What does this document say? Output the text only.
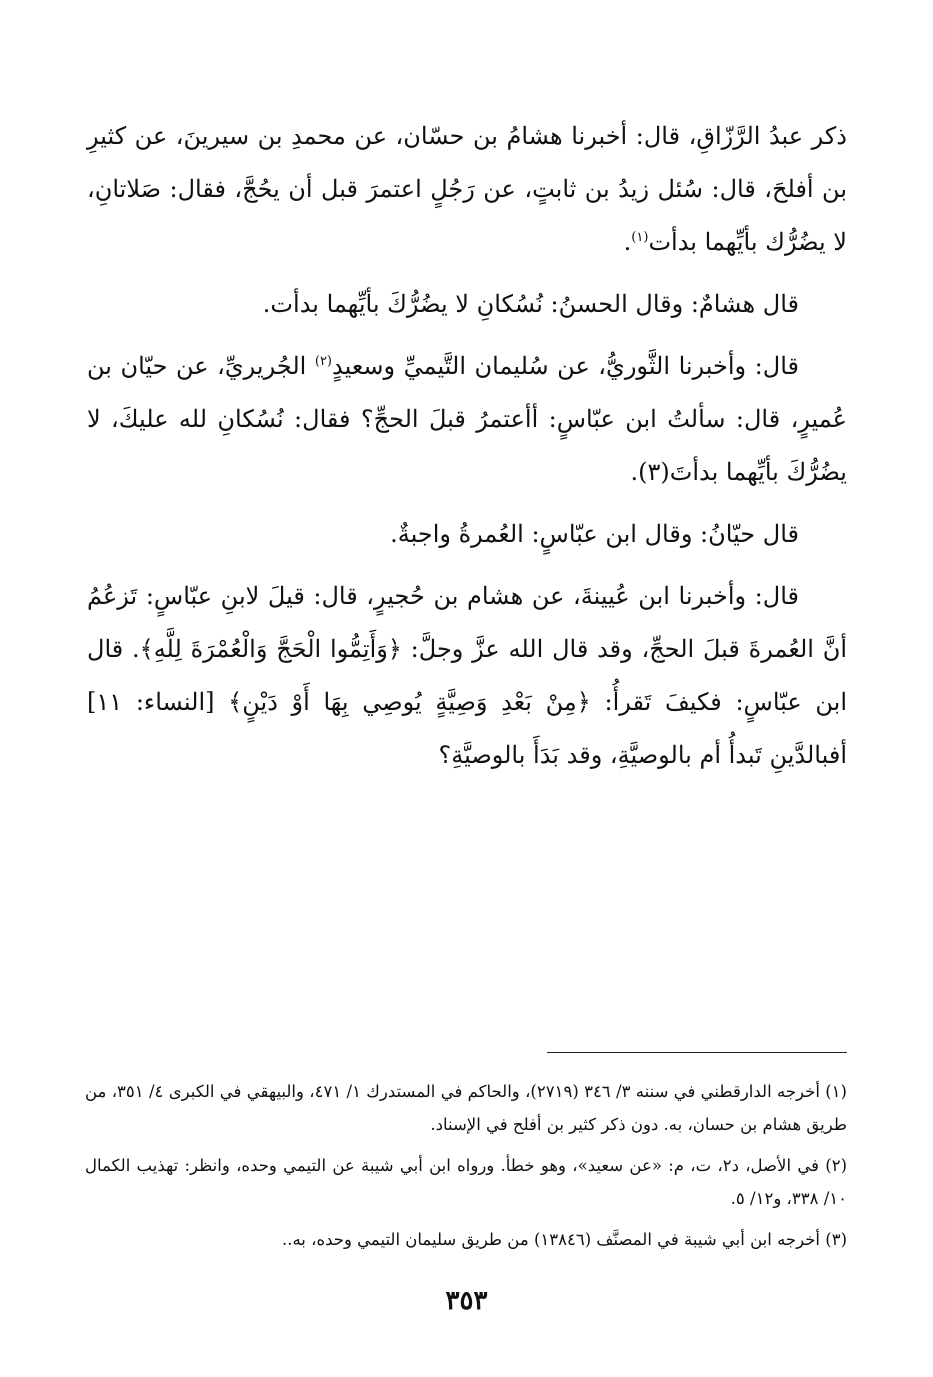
ذكر عبدُ الرَّزّاقِ، قال: أخبرنا هشامُ بن حسّان، عن محمدِ بن سيرينَ، عن كثيرِ بن أفلحَ، قال: سُئل زيدُ بن ثابتٍ، عن رَجُلٍ اعتمرَ قبل أن يحُجَّ، فقال: صَلاتانِ، لا يضُرُّك بأيِّهما بدأت$^{(١)}$.

قال هشامٌ: وقال الحسنُ: نُسُكانِ لا يضُرُّكَ بأيِّهما بدأت.

قال: وأخبرنا الثَّوريُّ، عن سُليمان التَّيميِّ وسعيدٍ$^{(٢)}$ الجُريريِّ، عن حيّان بن عُميرٍ، قال: سألتُ ابن عبّاسٍ: أأعتمرُ قبلَ الحجِّ؟ فقال: نُسُكانِ لله عليكَ، لا يضُرُّكَ بأيِّهما بدأتَ(٣).

قال حيّانُ: وقال ابن عبّاسٍ: العُمرةُ واجبةٌ.

قال: وأخبرنا ابن عُيينةَ، عن هشام بن حُجيرٍ، قال: قيلَ لابنِ عبّاسٍ: تَزعُمُ أنَّ العُمرةَ قبلَ الحجِّ، وقد قال الله عزَّ وجلَّ: ﴿وَأَتِمُّوا الْحَجَّ وَالْعُمْرَةَ لِلَّهِ﴾. قال ابن عبّاسٍ: فكيفَ تَقرأُ: ﴿مِنْ بَعْدِ وَصِيَّةٍ يُوصِي بِهَا أَوْ دَيْنٍ﴾ [النساء: ١١] أفبالدَّينِ تَبدأُ أم بالوصيَّةِ، وقد بَدَأَ بالوصيَّةِ؟

(١) أخرجه الدارقطني في سننه ٣/ ٣٤٦ (٢٧١٩)، والحاكم في المستدرك ١/ ٤٧١، والبيهقي في الكبرى ٤/ ٣٥١، من طريق هشام بن حسان، به. دون ذكر كثير بن أفلح في الإسناد.

(٢) في الأصل، د٢، ت، م: «عن سعيد»، وهو خطأ. ورواه ابن أبي شيبة عن التيمي وحده، وانظر: تهذيب الكمال ١٠/ ٣٣٨، و١٢/ ٥.

(٣) أخرجه ابن أبي شيبة في المصنَّف (١٣٨٤٦) من طريق سليمان التيمي وحده، به..

٣٥٣
